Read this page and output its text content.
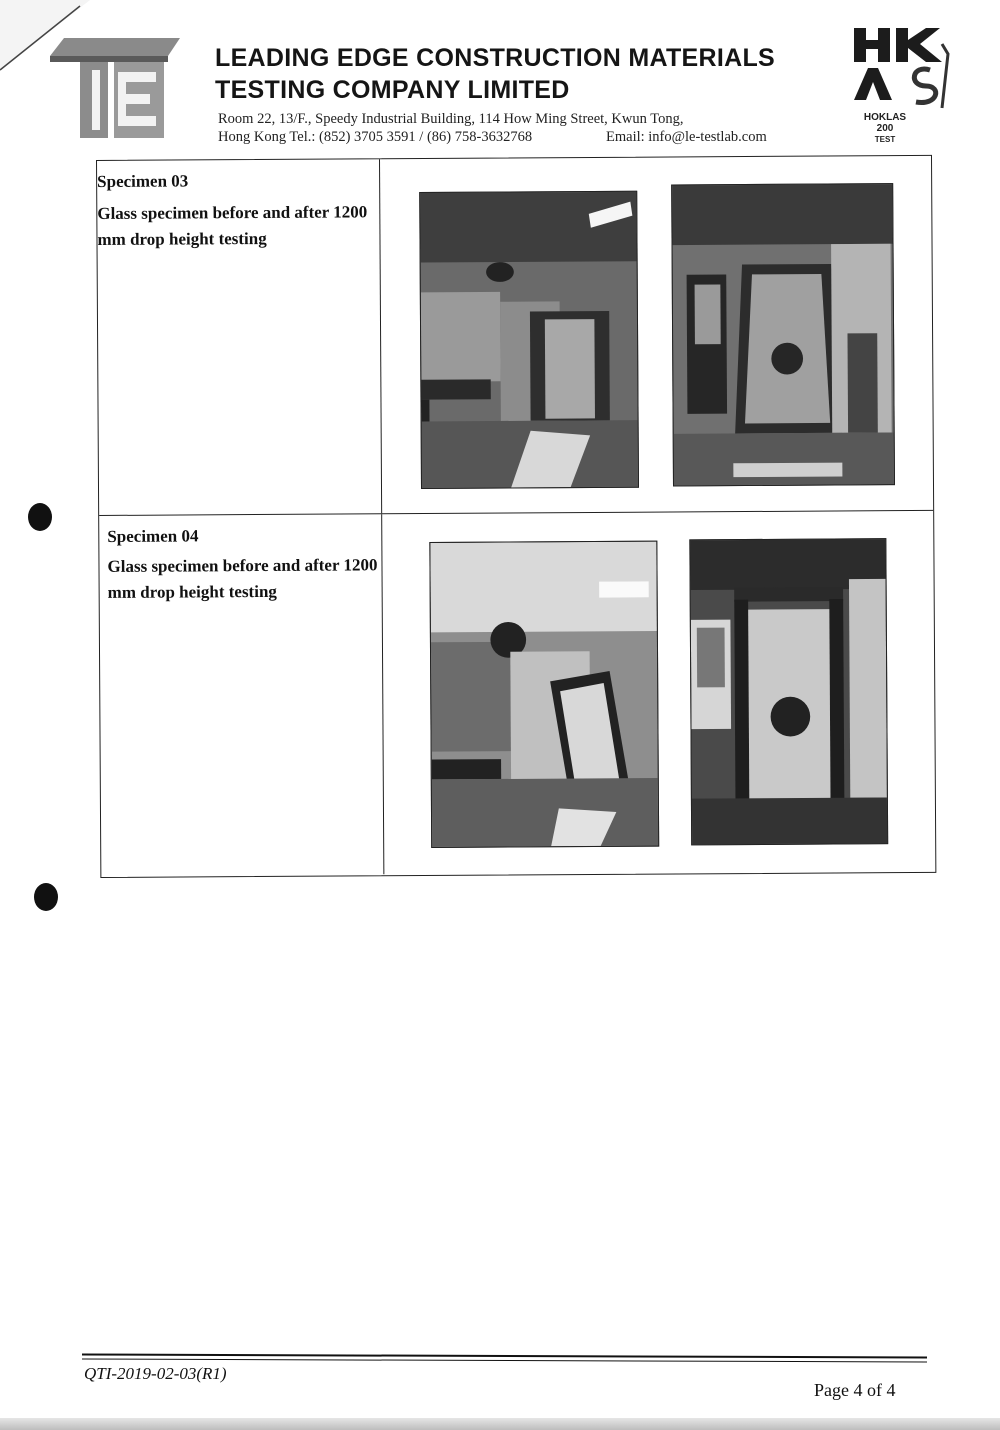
LEADING EDGE CONSTRUCTION MATERIALS
TESTING COMPANY LIMITED
Room 22, 13/F., Speedy Industrial Building, 114 How Ming Street, Kwun Tong,
Hong Kong Tel.: (852) 3705 3591 / (86) 758-3632768	Email: info@le-testlab.com
HOKLAS 200
TEST
Specimen 03
Glass specimen before and after 1200 mm drop height testing
Specimen 04
Glass specimen before and after 1200 mm drop height testing
QTI-2019-02-03(R1)
Page 4 of 4
